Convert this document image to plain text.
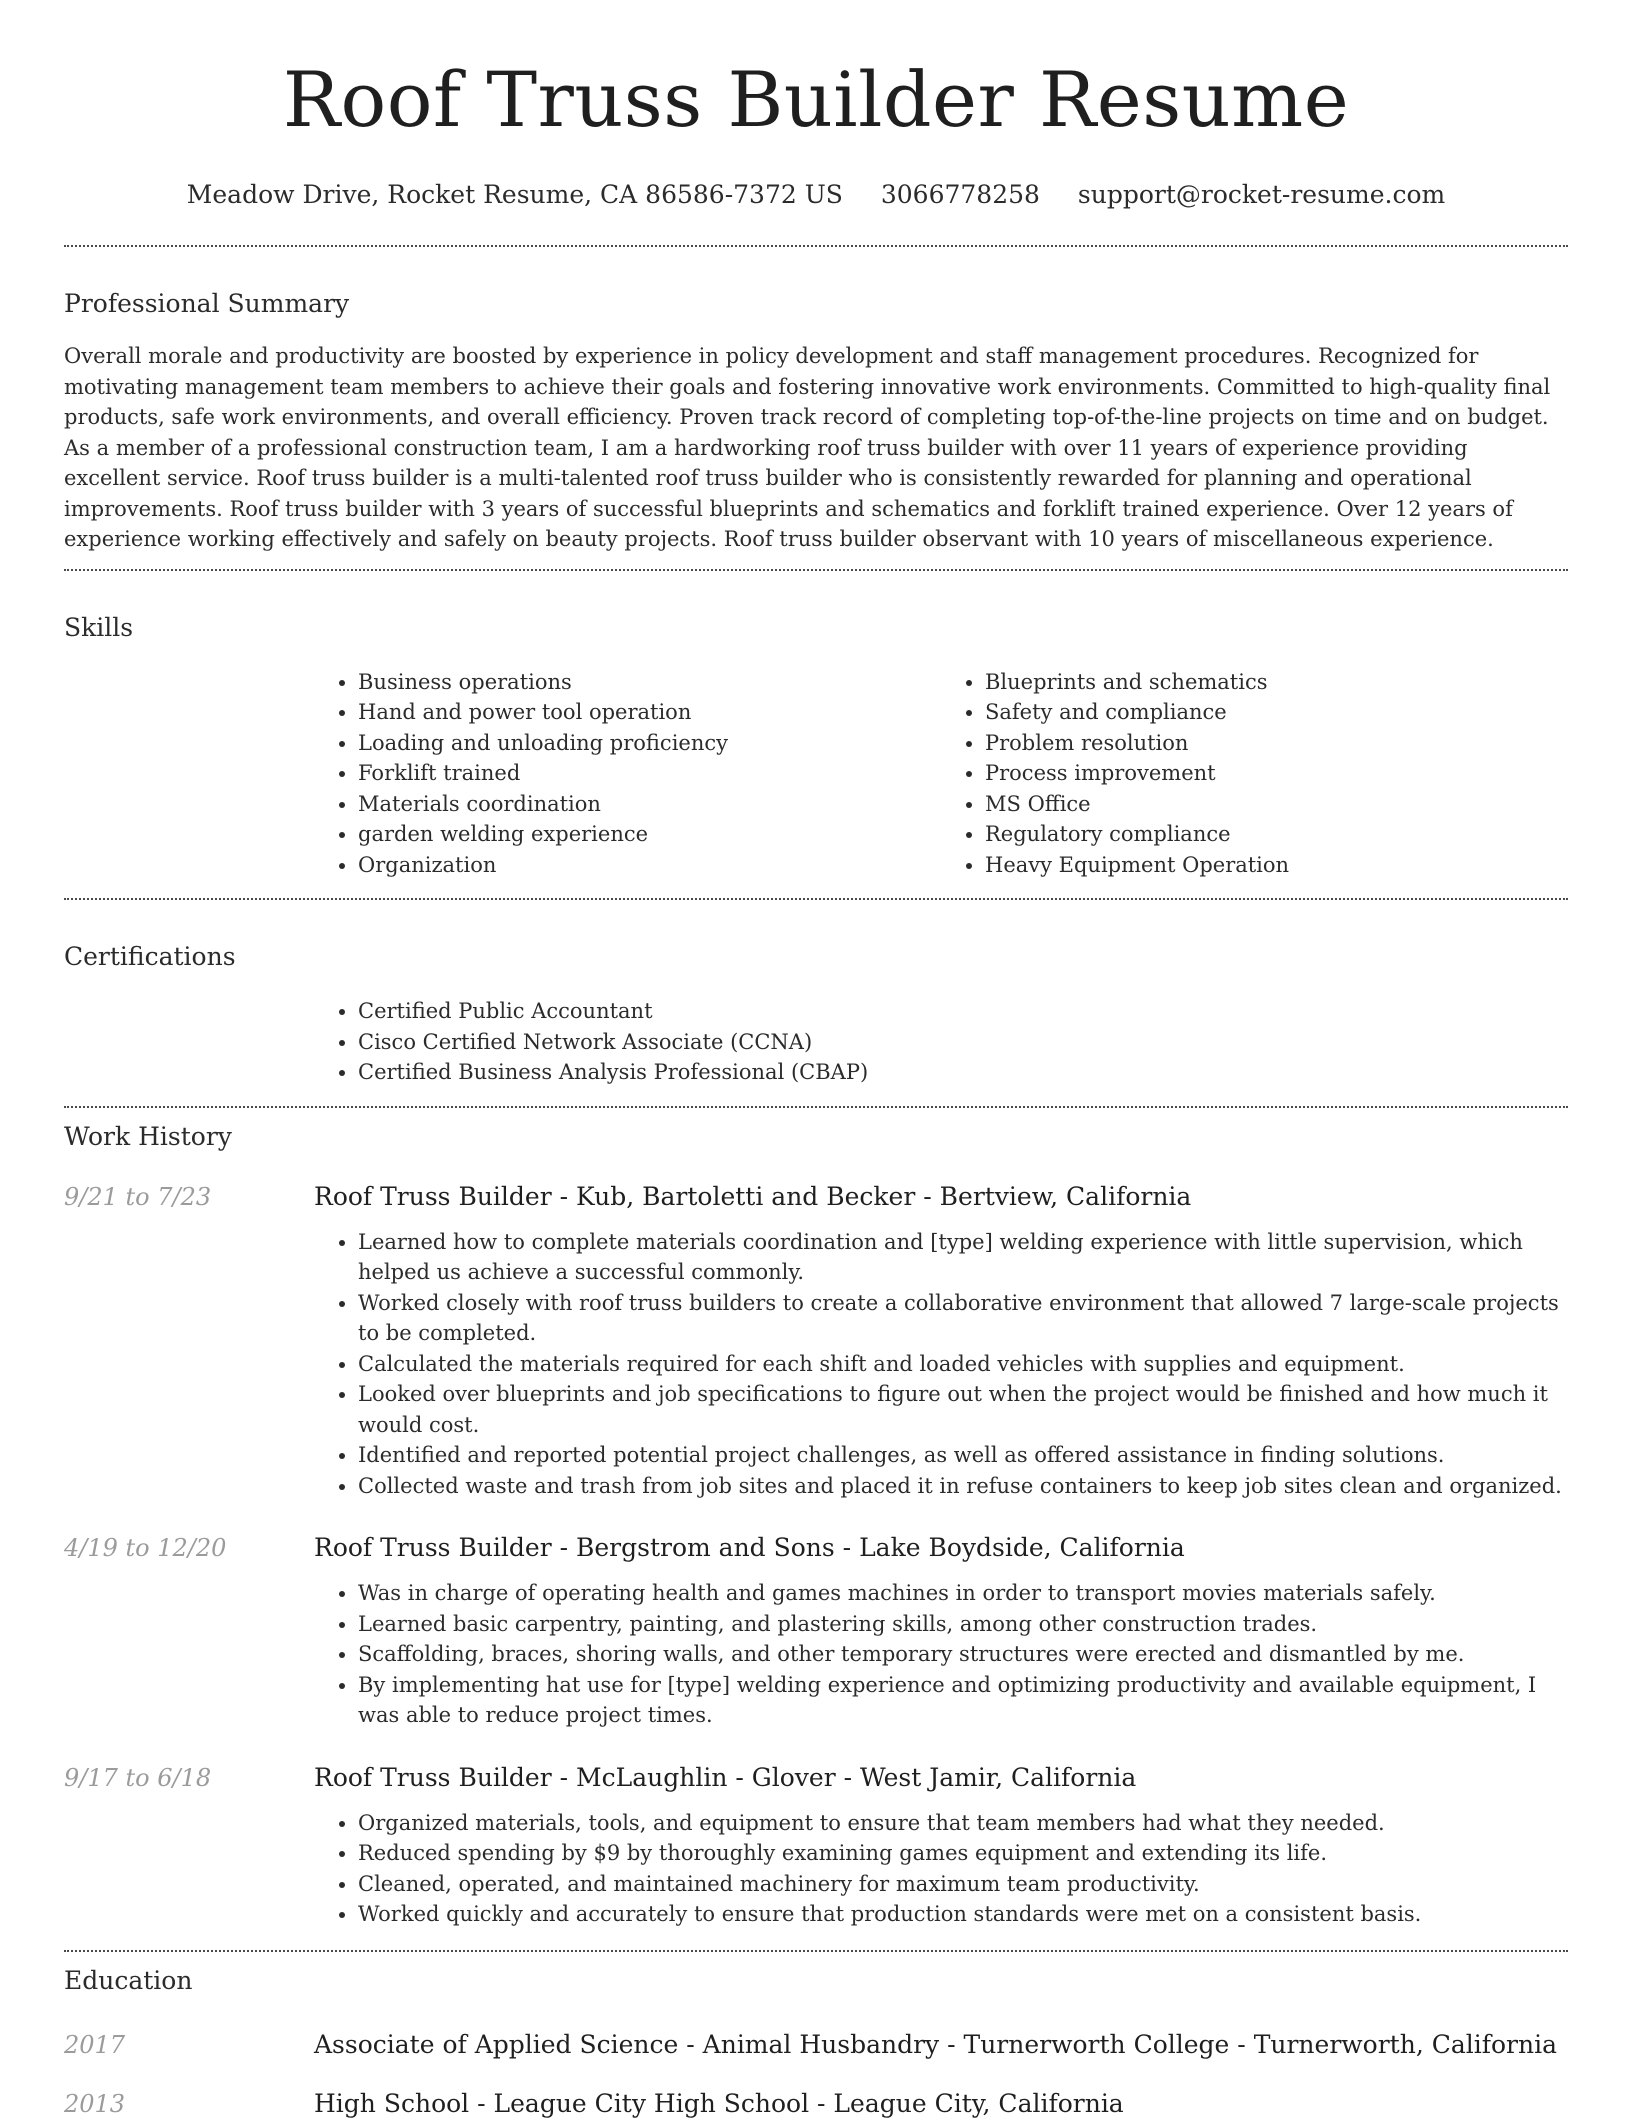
Roof Truss Builder Resume
Meadow Drive, Rocket Resume, CA 86586-7372 US 3066778258 support@rocket-resume.com
Professional Summary

Overall morale and productivity are boosted by experience in policy development and staff management procedures. Recognized for motivating management team members to achieve their goals and fostering innovative work environments. Committed to high-quality final products, safe work environments, and overall efficiency. Proven track record of completing top-of-the-line projects on time and on budget. As a member of a professional construction team, I am a hardworking roof truss builder with over 11 years of experience providing excellent service. Roof truss builder is a multi-talented roof truss builder who is consistently rewarded for planning and operational improvements. Roof truss builder with 3 years of successful blueprints and schematics and forklift trained experience. Over 12 years of experience working effectively and safely on beauty projects. Roof truss builder observant with 10 years of miscellaneous experience.

Skills
• Business operations
• Hand and power tool operation
• Loading and unloading proficiency
• Forklift trained
• Materials coordination
• garden welding experience
• Organization
• Blueprints and schematics
• Safety and compliance
• Problem resolution
• Process improvement
• MS Office
• Regulatory compliance
• Heavy Equipment Operation
Certifications
• Certified Public Accountant
• Cisco Certified Network Associate (CCNA)
• Certified Business Analysis Professional (CBAP)
Work History
9/21 to 7/23	Roof Truss Builder - Kub, Bartoletti and Becker - Bertview, California
• Learned how to complete materials coordination and [type] welding experience with little supervision, which helped us achieve a successful commonly.
• Worked closely with roof truss builders to create a collaborative environment that allowed 7 large-scale projects to be completed.
• Calculated the materials required for each shift and loaded vehicles with supplies and equipment.
• Looked over blueprints and job specifications to figure out when the project would be finished and how much it would cost.
• Identified and reported potential project challenges, as well as offered assistance in finding solutions.
• Collected waste and trash from job sites and placed it in refuse containers to keep job sites clean and organized.
4/19 to 12/20	Roof Truss Builder - Bergstrom and Sons - Lake Boydside, California
• Was in charge of operating health and games machines in order to transport movies materials safely.
• Learned basic carpentry, painting, and plastering skills, among other construction trades.
• Scaffolding, braces, shoring walls, and other temporary structures were erected and dismantled by me.
• By implementing hat use for [type] welding experience and optimizing productivity and available equipment, I was able to reduce project times.
9/17 to 6/18	Roof Truss Builder - McLaughlin - Glover - West Jamir, California
• Organized materials, tools, and equipment to ensure that team members had what they needed.
• Reduced spending by $9 by thoroughly examining games equipment and extending its life.
• Cleaned, operated, and maintained machinery for maximum team productivity.
• Worked quickly and accurately to ensure that production standards were met on a consistent basis.
Education
2017	Associate of Applied Science - Animal Husbandry - Turnerworth College - Turnerworth, California
2013	High School - League City High School - League City, California
